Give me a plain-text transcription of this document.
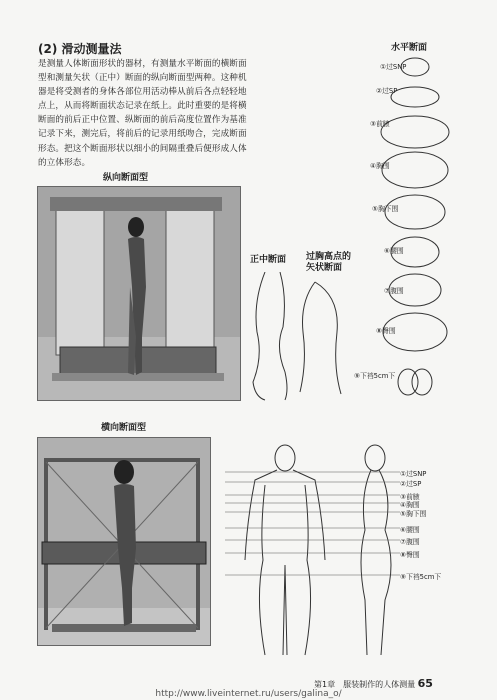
(2) 滑动测量法
是测量人体断面形状的器材，有测量水平断面的横断面型和测量矢状（正中）断面的纵向断面型两种。这种机器是将受测者的身体各部位用活动棒从前后各点轻轻地点上，从而将断面状态记录在纸上。此时重要的是将横断面的前后正中位置、纵断面的前后高度位置作为基准记录下来，测完后，将前后的记录用纸吻合，完成断面形态。把这个断面形状以细小的间隔重叠后便形成人体的立体形态。
纵向断面型
横向断面型
水平断面
①过SNP
②过SP
③前腋
④胸围
⑤胸下围
⑥腰围
⑦腹围
⑧臀围
⑨下裆5cm下
正中断面 过胸高点的矢状断面
①过SNP
②过SP
③前腋
④胸围
⑤胸下围
⑥腰围
⑦腹围
⑧臀围
⑨下裆5cm下
第1章　服装制作的人体测量 65
http://www.liveinternet.ru/users/galina_o/
